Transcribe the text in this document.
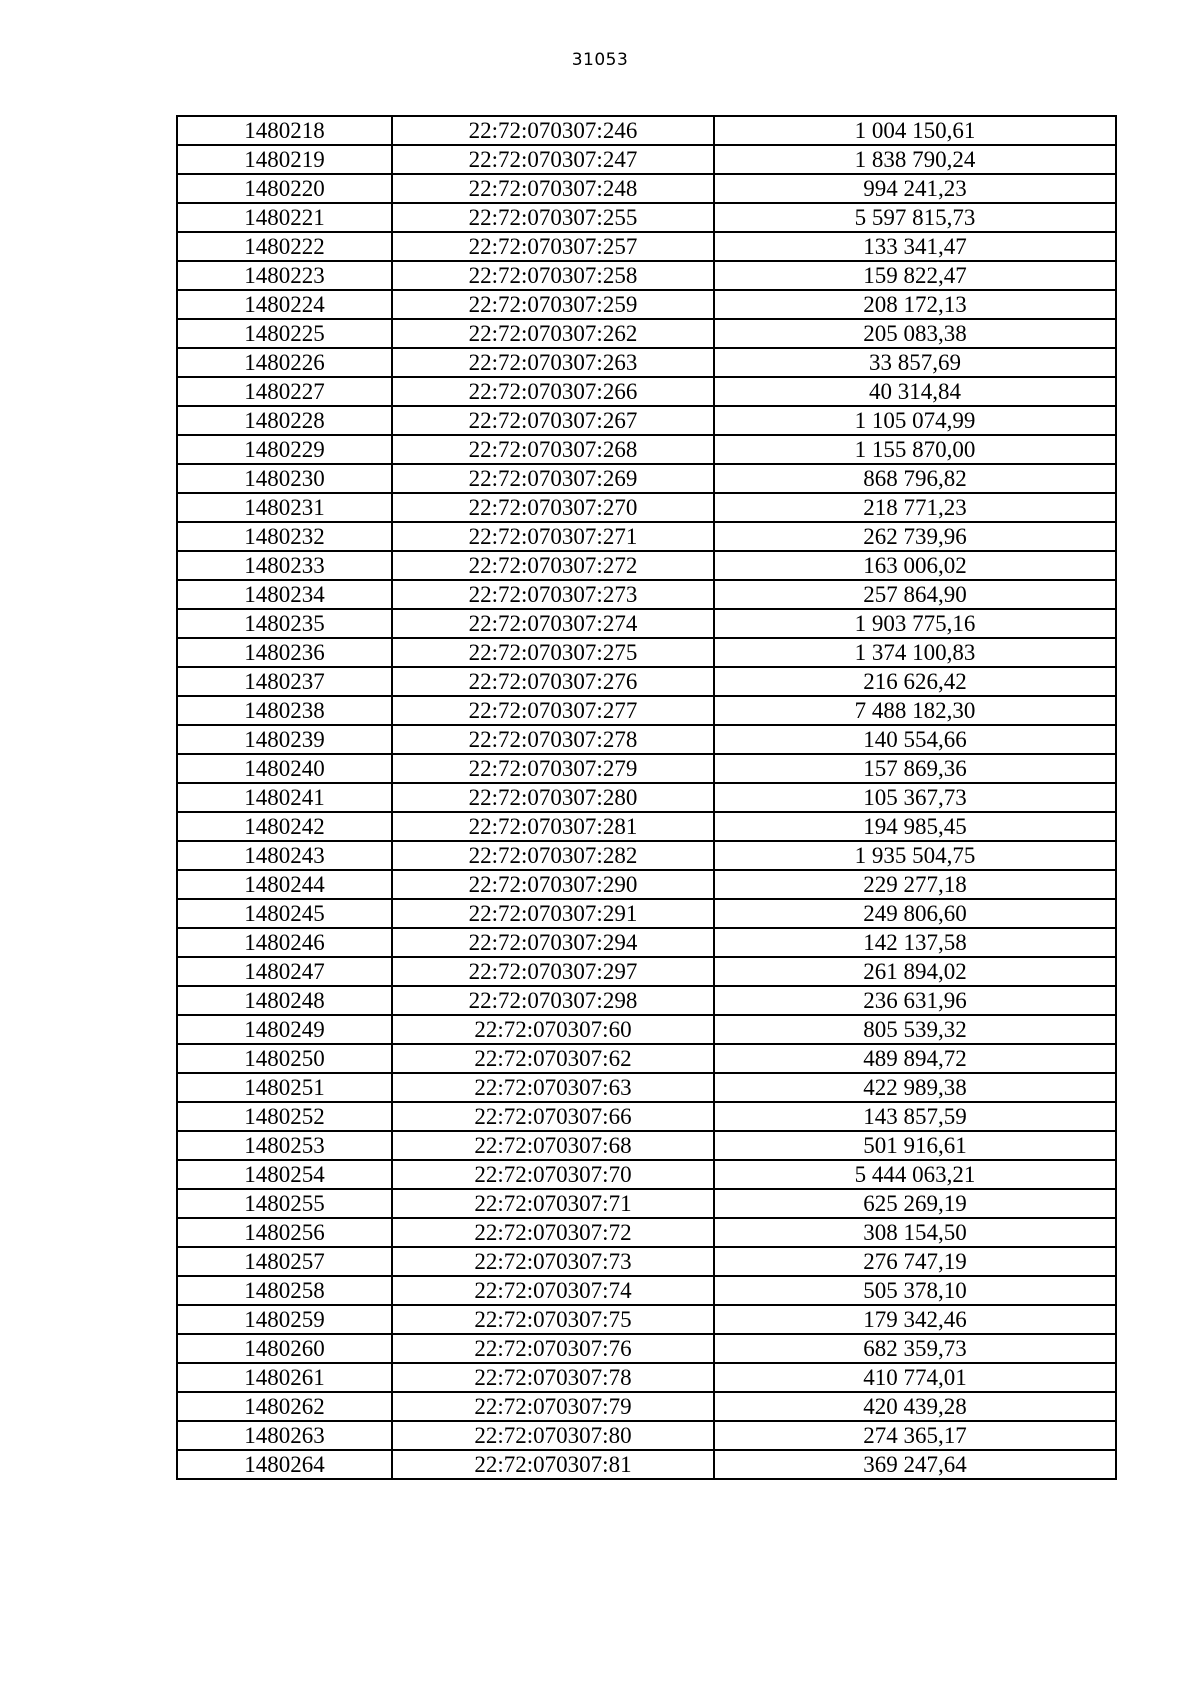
31053
1480218	22:72:070307:246	1 004 150,61
1480219	22:72:070307:247	1 838 790,24
1480220	22:72:070307:248	994 241,23
1480221	22:72:070307:255	5 597 815,73
1480222	22:72:070307:257	133 341,47
1480223	22:72:070307:258	159 822,47
1480224	22:72:070307:259	208 172,13
1480225	22:72:070307:262	205 083,38
1480226	22:72:070307:263	33 857,69
1480227	22:72:070307:266	40 314,84
1480228	22:72:070307:267	1 105 074,99
1480229	22:72:070307:268	1 155 870,00
1480230	22:72:070307:269	868 796,82
1480231	22:72:070307:270	218 771,23
1480232	22:72:070307:271	262 739,96
1480233	22:72:070307:272	163 006,02
1480234	22:72:070307:273	257 864,90
1480235	22:72:070307:274	1 903 775,16
1480236	22:72:070307:275	1 374 100,83
1480237	22:72:070307:276	216 626,42
1480238	22:72:070307:277	7 488 182,30
1480239	22:72:070307:278	140 554,66
1480240	22:72:070307:279	157 869,36
1480241	22:72:070307:280	105 367,73
1480242	22:72:070307:281	194 985,45
1480243	22:72:070307:282	1 935 504,75
1480244	22:72:070307:290	229 277,18
1480245	22:72:070307:291	249 806,60
1480246	22:72:070307:294	142 137,58
1480247	22:72:070307:297	261 894,02
1480248	22:72:070307:298	236 631,96
1480249	22:72:070307:60	805 539,32
1480250	22:72:070307:62	489 894,72
1480251	22:72:070307:63	422 989,38
1480252	22:72:070307:66	143 857,59
1480253	22:72:070307:68	501 916,61
1480254	22:72:070307:70	5 444 063,21
1480255	22:72:070307:71	625 269,19
1480256	22:72:070307:72	308 154,50
1480257	22:72:070307:73	276 747,19
1480258	22:72:070307:74	505 378,10
1480259	22:72:070307:75	179 342,46
1480260	22:72:070307:76	682 359,73
1480261	22:72:070307:78	410 774,01
1480262	22:72:070307:79	420 439,28
1480263	22:72:070307:80	274 365,17
1480264	22:72:070307:81	369 247,64
